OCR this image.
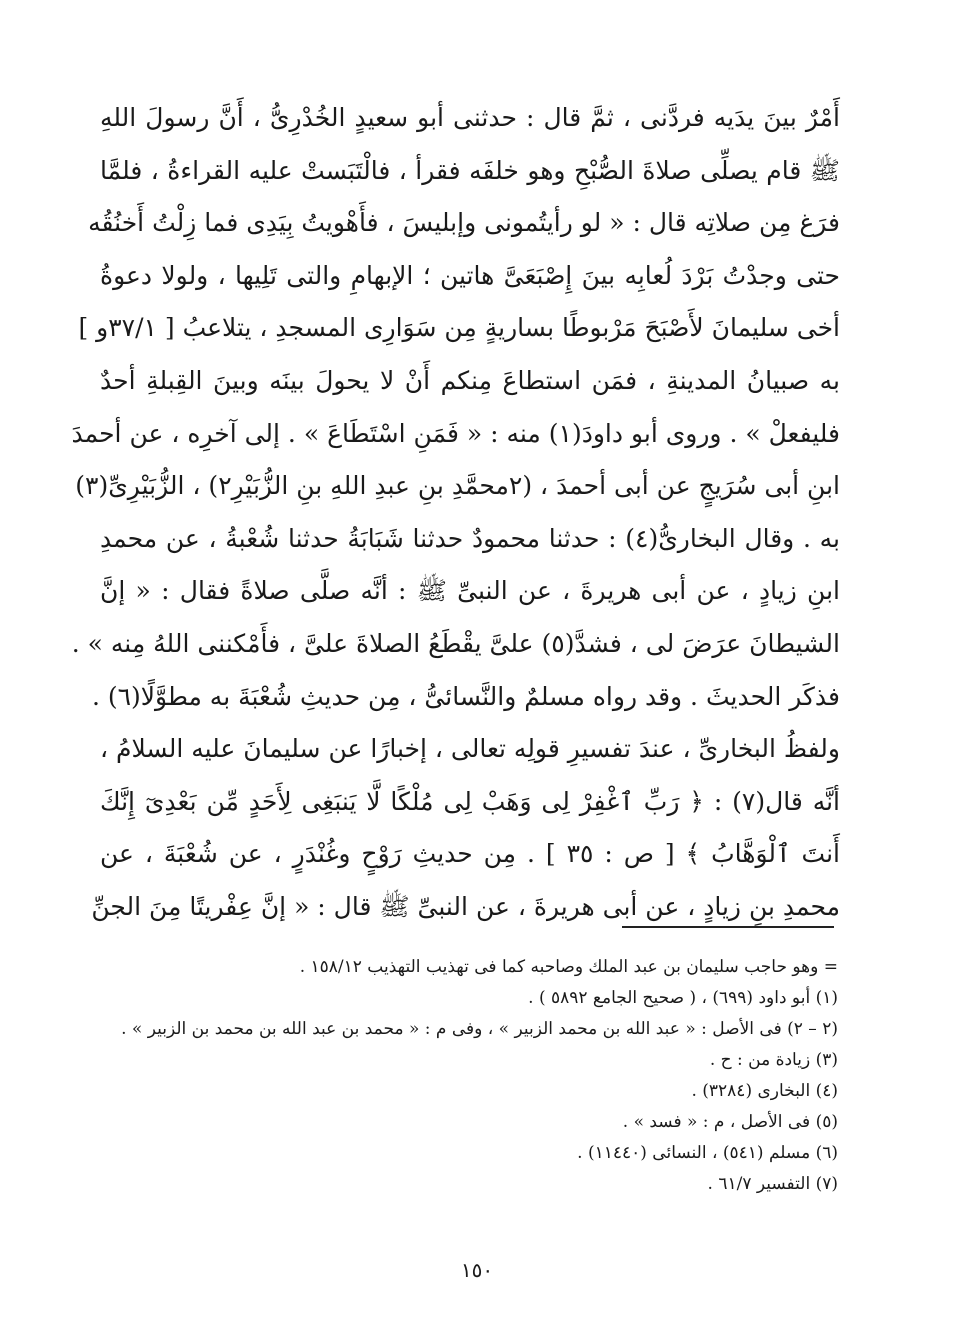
أَمْرٌ بينَ يدَيه فردَّنى ، ثمَّ قال : حدثنى أبو سعيدٍ الخُدْرِىُّ ، أَنَّ رسولَ اللهِ
ﷺ قام يصلِّى صلاةَ الصُّبْحِ وهو خلفَه فقرأ ، فالْتَبَستْ عليه القراءةُ ، فلمَّا
فرَغ مِن صلاتِه قال : « لو رأيتُمونى وإبليسَ ، فأَهْويتُ بِيَدِى فما زِلْتُ أَخنُقُه
حتى وجدْتُ بَرْدَ لُعابِه بينَ إِصْبَعَىَّ هاتين ؛ الإبهامِ والتى تَلِيها ، ولولا دعوةُ
أخى سليمانَ لأَصْبَحَ مَرْبوطًا بساريةٍ مِن سَوَارِى المسجدِ ، يتلاعبُ [ ٣٧/١و ]
به صبيانُ المدينةِ ، فمَن استطاعَ مِنكم أَنْ لا يحولَ بينَه وبينَ القِبلةِ أحدٌ
فليفعلْ » . وروى أبو داودَ(١) منه : « فَمَنِ اسْتَطَاعَ » . إلى آخرِه ، عن أحمدَ
ابنِ أبى سُرَيجٍ عن أبى أحمدَ ، (٢محمَّدِ بنِ عبدِ اللهِ بنِ الزُّبَيْرِ٢) ، الزُّبَيْرِىِّ(٣)
به . وقال البخارىُّ(٤) : حدثنا محمودٌ حدثنا شَبَابَةُ حدثنا شُعْبةُ ، عن محمدِ
ابنِ زيادٍ ، عن أبى هريرةَ ، عن النبىِّ ﷺ : أنَّه صلَّى صلاةً فقال : « إنَّ
الشيطانَ عرَضَ لى ، فشدَّ(٥) علىَّ يقْطَعُ الصلاةَ علىَّ ، فأَمْكننى اللهُ مِنه » .
فذكَر الحديثَ . وقد رواه مسلمٌ والنَّسائىُّ ، مِن حديثِ شُعْبَةَ به مطوَّلًا(٦) .
ولفظُ البخارىِّ ، عندَ تفسيرِ قولِه تعالى ، إخبارًا عن سليمانَ عليه السلامُ ،
أنَّه قال(٧) : ﴿ رَبِّ ٱغْفِرْ لِى وَهَبْ لِى مُلْكًا لَّا يَنبَغِى لِأَحَدٍ مِّن بَعْدِىٓ إِنَّكَ
أَنتَ ٱلْوَهَّابُ ﴾ [ ص : ٣٥ ] . مِن حديثِ رَوْحٍ وغُنْدَرٍ ، عن شُعْبَةَ ، عن
محمدِ بنِ زيادٍ ، عن أبى هريرةَ ، عن النبىِّ ﷺ قال : « إنَّ عِفْريتًا مِنَ الجنِّ
= وهو حاجب سليمان بن عبد الملك وصاحبه كما فى تهذيب التهذيب ١٥٨/١٢ .
(١) أبو داود (٦٩٩) ، ( صحيح الجامع ٥٨٩٢ ) .
(٢ – ٢) فى الأصل : « عبد الله بن محمد الزبير » ، وفى م : « محمد بن عبد الله بن محمد بن الزبير » .
(٣) زيادة من : ح .
(٤) البخارى (٣٢٨٤) .
(٥) فى الأصل ، م : « فسد » .
(٦) مسلم (٥٤١) ، النسائى (١١٤٤٠) .
(٧) التفسير ٦١/٧ .
١٥٠
